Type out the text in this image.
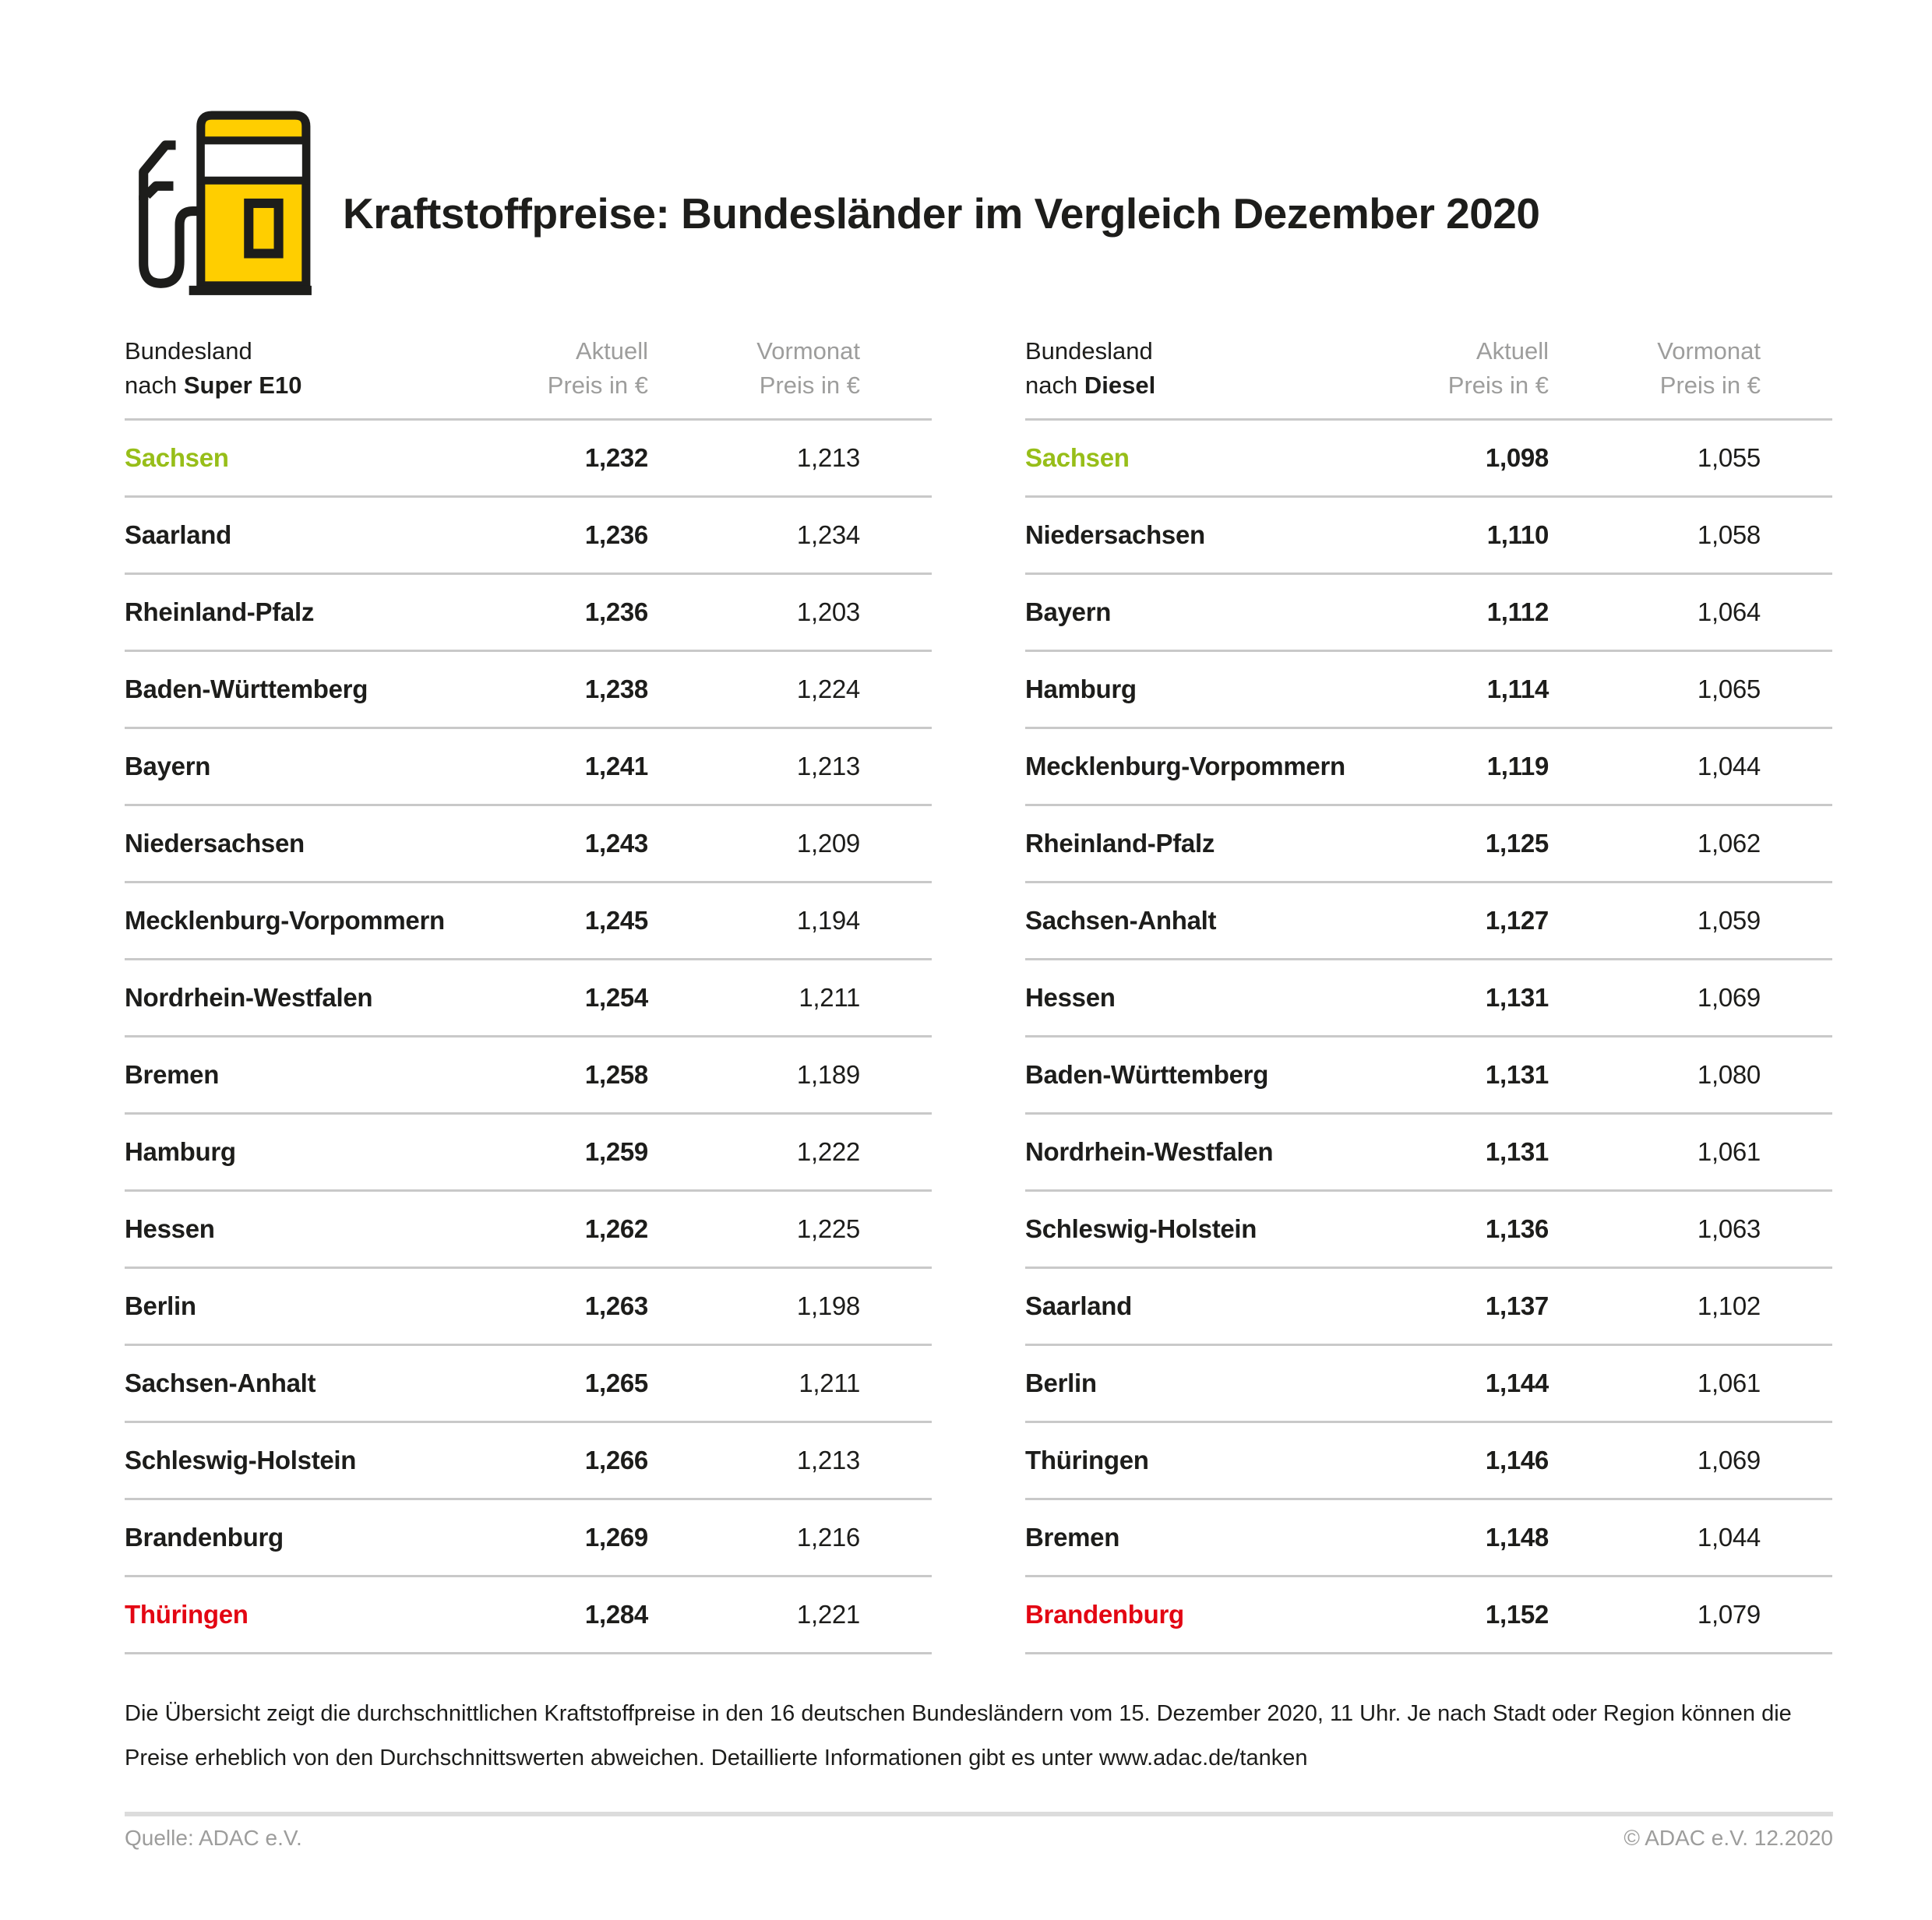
Kraftstoffpreise: Bundesländer im Vergleich Dezember 2020
Bundesland
nach Super E10
Aktuell
Preis in €
Vormonat
Preis in €
Sachsen	1,232	1,213
Saarland	1,236	1,234
Rheinland-Pfalz	1,236	1,203
Baden-Württemberg	1,238	1,224
Bayern	1,241	1,213
Niedersachsen	1,243	1,209
Mecklenburg-Vorpommern	1,245	1,194
Nordrhein-Westfalen	1,254	1,211
Bremen	1,258	1,189
Hamburg	1,259	1,222
Hessen	1,262	1,225
Berlin	1,263	1,198
Sachsen-Anhalt	1,265	1,211
Schleswig-Holstein	1,266	1,213
Brandenburg	1,269	1,216
Thüringen	1,284	1,221
Bundesland
nach Diesel
Aktuell
Preis in €
Vormonat
Preis in €
Sachsen	1,098	1,055
Niedersachsen	1,110	1,058
Bayern	1,112	1,064
Hamburg	1,114	1,065
Mecklenburg-Vorpommern	1,119	1,044
Rheinland-Pfalz	1,125	1,062
Sachsen-Anhalt	1,127	1,059
Hessen	1,131	1,069
Baden-Württemberg	1,131	1,080
Nordrhein-Westfalen	1,131	1,061
Schleswig-Holstein	1,136	1,063
Saarland	1,137	1,102
Berlin	1,144	1,061
Thüringen	1,146	1,069
Bremen	1,148	1,044
Brandenburg	1,152	1,079
Die Übersicht zeigt die durchschnittlichen Kraftstoffpreise in den 16 deutschen Bundesländern vom 15. Dezember 2020, 11 Uhr. Je nach Stadt oder Region können die
Preise erheblich von den Durchschnittswerten abweichen. Detaillierte Informationen gibt es unter www.adac.de/tanken
Quelle: ADAC e.V.	© ADAC e.V. 12.2020
